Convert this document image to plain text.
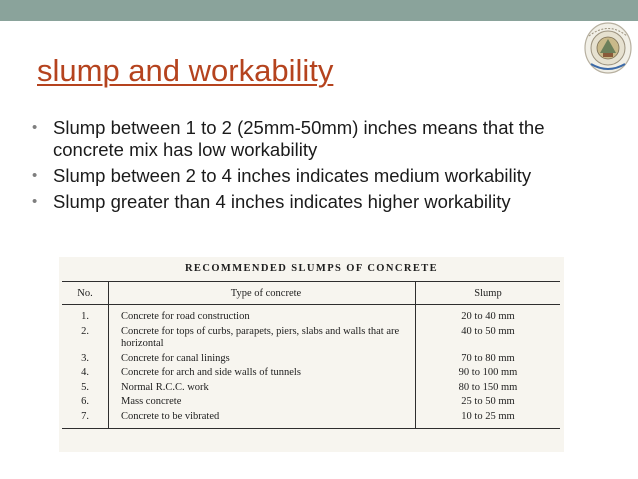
slump and workability
• Slump between 1 to 2 (25mm-50mm) inches means that the concrete mix has low workability
• Slump between 2 to 4 inches indicates medium workability
• Slump greater than 4 inches indicates higher workability
RECOMMENDED SLUMPS OF CONCRETE
No.	Type of concrete	Slump
1.	Concrete for road construction	20 to 40 mm
2.	Concrete for tops of curbs, parapets, piers, slabs and walls that are horizontal	40 to 50 mm
3.	Concrete for canal linings	70 to 80 mm
4.	Concrete for arch and side walls of tunnels	90 to 100 mm
5.	Normal R.C.C. work	80 to 150 mm
6.	Mass concrete	25 to 50 mm
7.	Concrete to be vibrated	10 to 25 mm
